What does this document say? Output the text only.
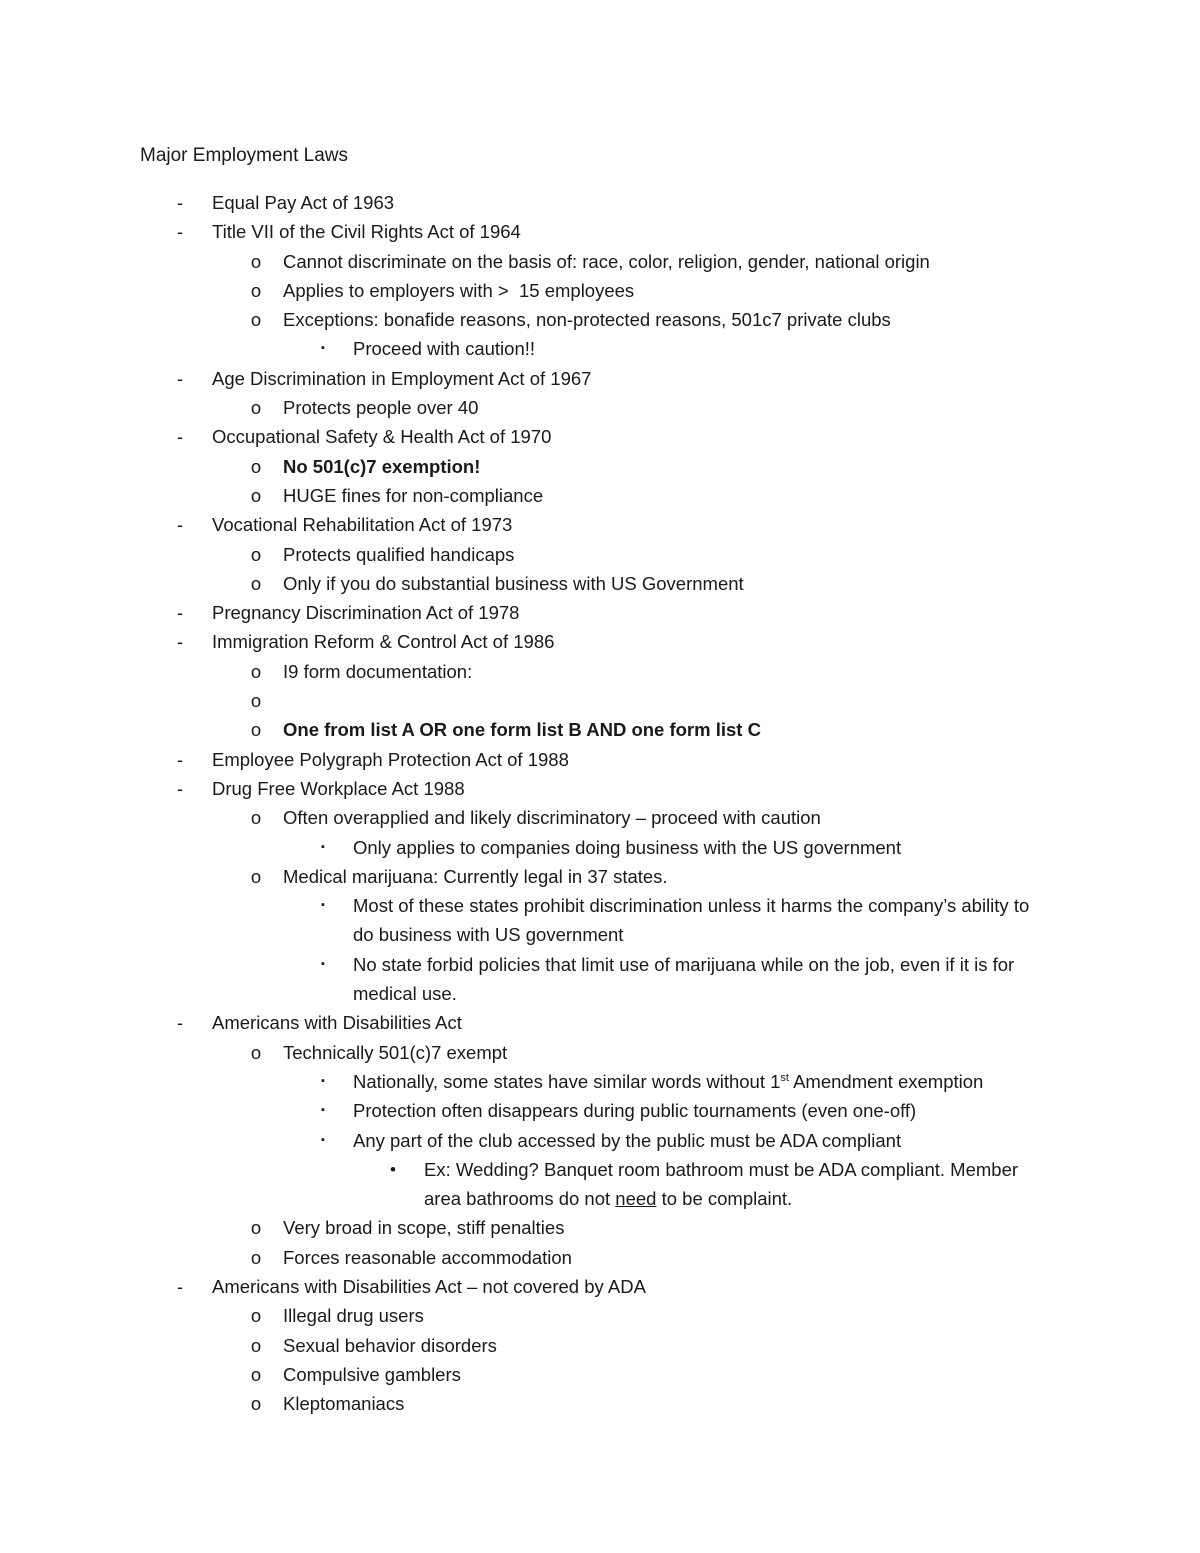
Major Employment Laws
-	Equal Pay Act of 1963
-	Title VII of the Civil Rights Act of 1964
o Cannot discriminate on the basis of: race, color, religion, gender, national origin
o Applies to employers with >  15 employees
o Exceptions: bonafide reasons, non-protected reasons, 501c7 private clubs
▪	Proceed with caution!!
-	Age Discrimination in Employment Act of 1967
o Protects people over 40
-	Occupational Safety & Health Act of 1970
o No 501(c)7 exemption!
o HUGE fines for non-compliance
-	Vocational Rehabilitation Act of 1973
o Protects qualified handicaps
o Only if you do substantial business with US Government
-	Pregnancy Discrimination Act of 1978
-	Immigration Reform & Control Act of 1986
o I9 form documentation:
o
o One from list A OR one form list B AND one form list C
-	Employee Polygraph Protection Act of 1988
-	Drug Free Workplace Act 1988
o Often overapplied and likely discriminatory – proceed with caution
▪	Only applies to companies doing business with the US government
o Medical marijuana: Currently legal in 37 states.
▪	Most of these states prohibit discrimination unless it harms the company’s ability to do business with US government
▪	No state forbid policies that limit use of marijuana while on the job, even if it is for medical use.
-	Americans with Disabilities Act
o Technically 501(c)7 exempt
▪	Nationally, some states have similar words without 1st Amendment exemption
▪	Protection often disappears during public tournaments (even one-off)
▪	Any part of the club accessed by the public must be ADA compliant
•	Ex: Wedding? Banquet room bathroom must be ADA compliant. Member area bathrooms do not need to be complaint.
o Very broad in scope, stiff penalties
o Forces reasonable accommodation
-	Americans with Disabilities Act – not covered by ADA
o Illegal drug users
o Sexual behavior disorders
o Compulsive gamblers
o Kleptomaniacs
